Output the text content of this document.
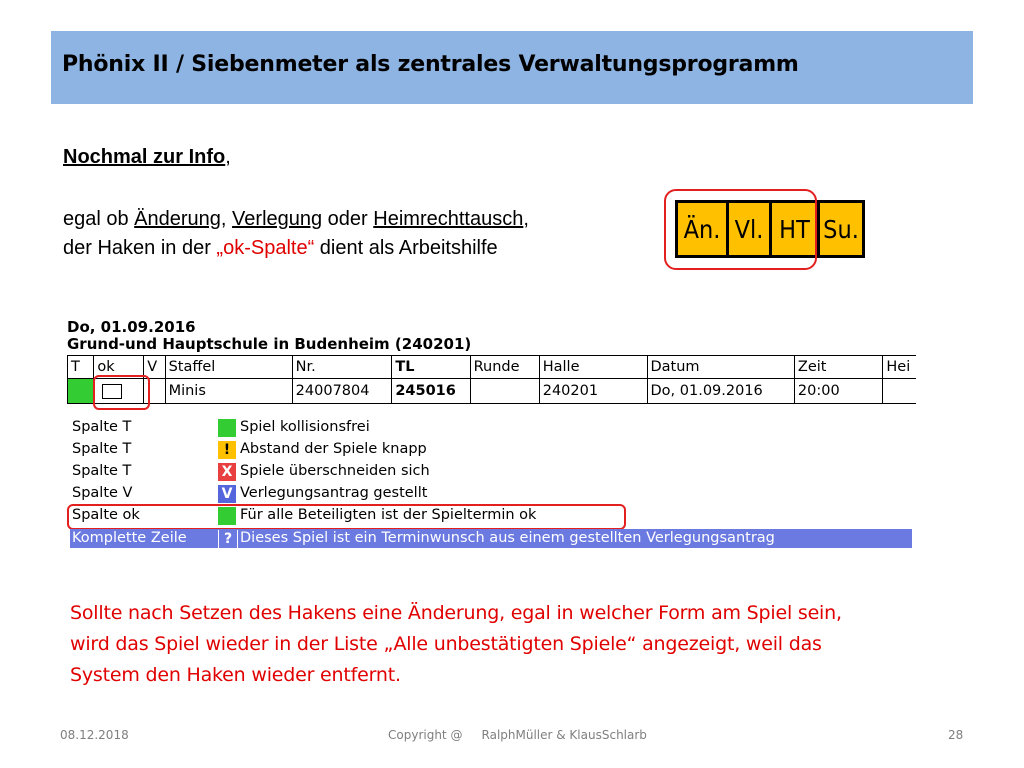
Phönix II / Siebenmeter als zentrales Verwaltungsprogramm
Nochmal zur Info,
egal ob Änderung, Verlegung oder Heimrechttausch,
der Haken in der „ok-Spalte“ dient als Arbeitshilfe
Än. Vl. HT Su.
Do, 01.09.2016
Grund-und Hauptschule in Budenheim (240201)
T	ok	V	Staffel	Nr.	TL	Runde	Halle	Datum	Zeit	Hei
			Minis	24007804	245016		240201	Do, 01.09.2016	20:00	
Spalte T	Spiel kollisionsfrei
Spalte T	! Abstand der Spiele knapp
Spalte T	X Spiele überschneiden sich
Spalte V	V Verlegungsantrag gestellt
Spalte ok	Für alle Beteiligten ist der Spieltermin ok
Komplette Zeile	? Dieses Spiel ist ein Terminwunsch aus einem gestellten Verlegungsantrag
Sollte nach Setzen des Hakens eine Änderung, egal in welcher Form am Spiel sein,
wird das Spiel wieder in der Liste „Alle unbestätigten Spiele“ angezeigt, weil das
System den Haken wieder entfernt.
08.12.2018	Copyright @     RalphMüller & KlausSchlarb	28
